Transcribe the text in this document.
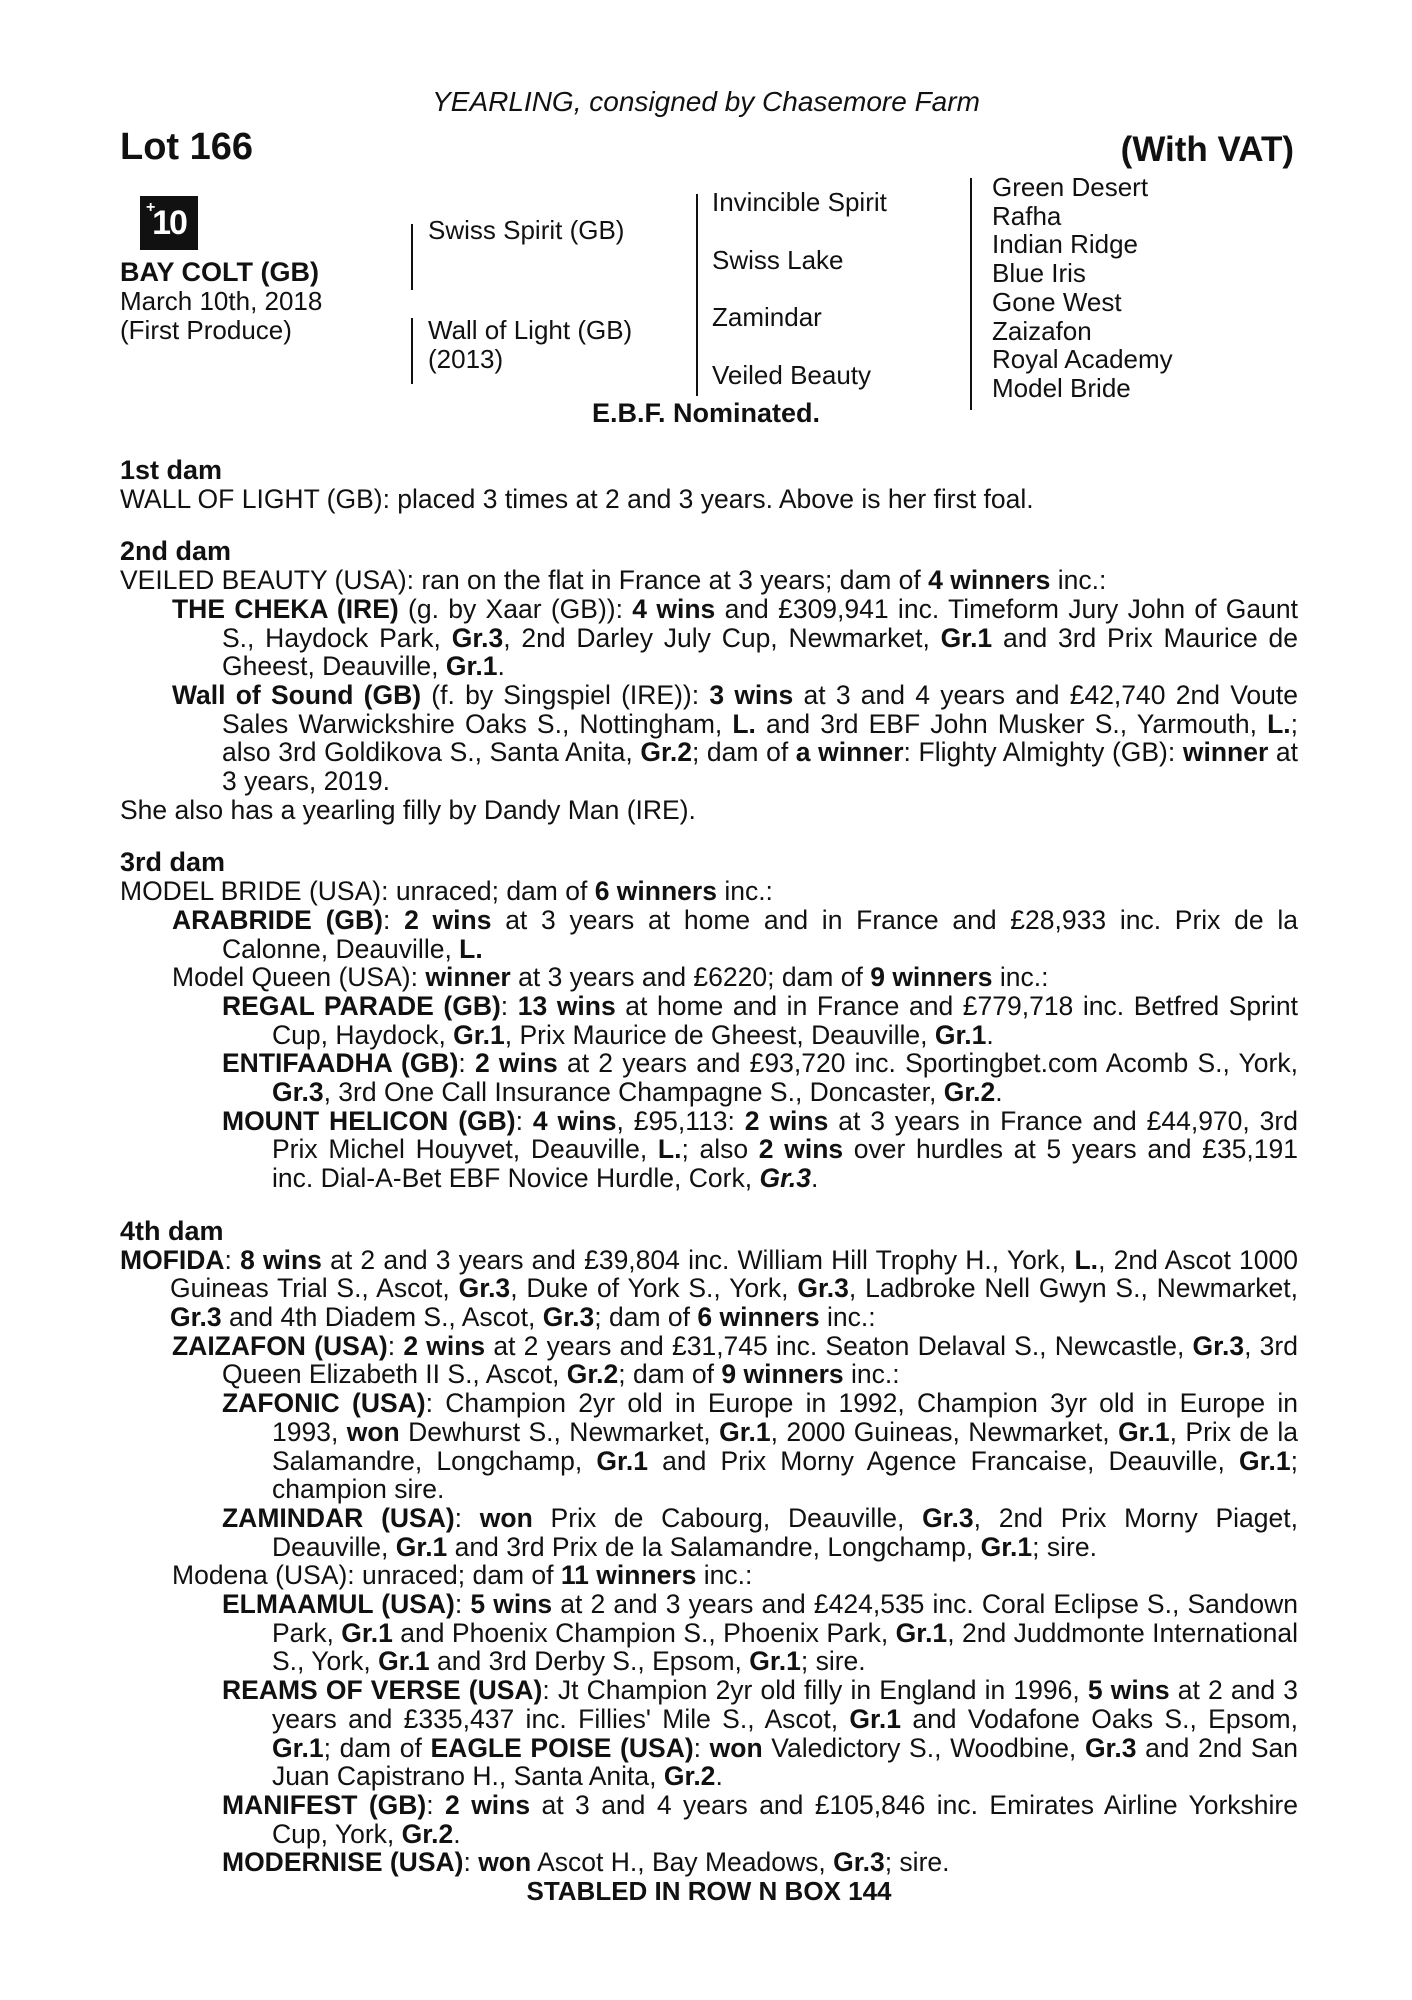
YEARLING, consigned by Chasemore Farm
Lot 166	(With VAT)
+
10
BAY COLT (GB)
March 10th, 2018
(First Produce)
Swiss Spirit (GB)
Wall of Light (GB)
(2013)
Invincible Spirit
Swiss Lake
Zamindar
Veiled Beauty
Green Desert
Rafha
Indian Ridge
Blue Iris
Gone West
Zaizafon
Royal Academy
Model Bride
E.B.F. Nominated.
1st dam
WALL OF LIGHT (GB): placed 3 times at 2 and 3 years. Above is her first foal.
2nd dam
VEILED BEAUTY (USA): ran on the flat in France at 3 years; dam of 4 winners inc.:
THE CHEKA (IRE) (g. by Xaar (GB)): 4 wins and £309,941 inc. Timeform Jury John of Gaunt S., Haydock Park, Gr.3, 2nd Darley July Cup, Newmarket, Gr.1 and 3rd Prix Maurice de Gheest, Deauville, Gr.1.
Wall of Sound (GB) (f. by Singspiel (IRE)): 3 wins at 3 and 4 years and £42,740 2nd Voute Sales Warwickshire Oaks S., Nottingham, L. and 3rd EBF John Musker S., Yarmouth, L.; also 3rd Goldikova S., Santa Anita, Gr.2; dam of a winner: Flighty Almighty (GB): winner at 3 years, 2019.
She also has a yearling filly by Dandy Man (IRE).
3rd dam
MODEL BRIDE (USA): unraced; dam of 6 winners inc.:
ARABRIDE (GB): 2 wins at 3 years at home and in France and £28,933 inc. Prix de la Calonne, Deauville, L.
Model Queen (USA): winner at 3 years and £6220; dam of 9 winners inc.:
REGAL PARADE (GB): 13 wins at home and in France and £779,718 inc. Betfred Sprint Cup, Haydock, Gr.1, Prix Maurice de Gheest, Deauville, Gr.1.
ENTIFAADHA (GB): 2 wins at 2 years and £93,720 inc. Sportingbet.com Acomb S., York, Gr.3, 3rd One Call Insurance Champagne S., Doncaster, Gr.2.
MOUNT HELICON (GB): 4 wins, £95,113: 2 wins at 3 years in France and £44,970, 3rd Prix Michel Houyvet, Deauville, L.; also 2 wins over hurdles at 5 years and £35,191 inc. Dial-A-Bet EBF Novice Hurdle, Cork, Gr.3.
4th dam
MOFIDA: 8 wins at 2 and 3 years and £39,804 inc. William Hill Trophy H., York, L., 2nd Ascot 1000 Guineas Trial S., Ascot, Gr.3, Duke of York S., York, Gr.3, Ladbroke Nell Gwyn S., Newmarket, Gr.3 and 4th Diadem S., Ascot, Gr.3; dam of 6 winners inc.:
ZAIZAFON (USA): 2 wins at 2 years and £31,745 inc. Seaton Delaval S., Newcastle, Gr.3, 3rd Queen Elizabeth II S., Ascot, Gr.2; dam of 9 winners inc.:
ZAFONIC (USA): Champion 2yr old in Europe in 1992, Champion 3yr old in Europe in 1993, won Dewhurst S., Newmarket, Gr.1, 2000 Guineas, Newmarket, Gr.1, Prix de la Salamandre, Longchamp, Gr.1 and Prix Morny Agence Francaise, Deauville, Gr.1; champion sire.
ZAMINDAR (USA): won Prix de Cabourg, Deauville, Gr.3, 2nd Prix Morny Piaget, Deauville, Gr.1 and 3rd Prix de la Salamandre, Longchamp, Gr.1; sire.
Modena (USA): unraced; dam of 11 winners inc.:
ELMAAMUL (USA): 5 wins at 2 and 3 years and £424,535 inc. Coral Eclipse S., Sandown Park, Gr.1 and Phoenix Champion S., Phoenix Park, Gr.1, 2nd Juddmonte International S., York, Gr.1 and 3rd Derby S., Epsom, Gr.1; sire.
REAMS OF VERSE (USA): Jt Champion 2yr old filly in England in 1996, 5 wins at 2 and 3 years and £335,437 inc. Fillies' Mile S., Ascot, Gr.1 and Vodafone Oaks S., Epsom, Gr.1; dam of EAGLE POISE (USA): won Valedictory S., Woodbine, Gr.3 and 2nd San Juan Capistrano H., Santa Anita, Gr.2.
MANIFEST (GB): 2 wins at 3 and 4 years and £105,846 inc. Emirates Airline Yorkshire Cup, York, Gr.2.
MODERNISE (USA): won Ascot H., Bay Meadows, Gr.3; sire.
STABLED IN ROW N BOX 144
